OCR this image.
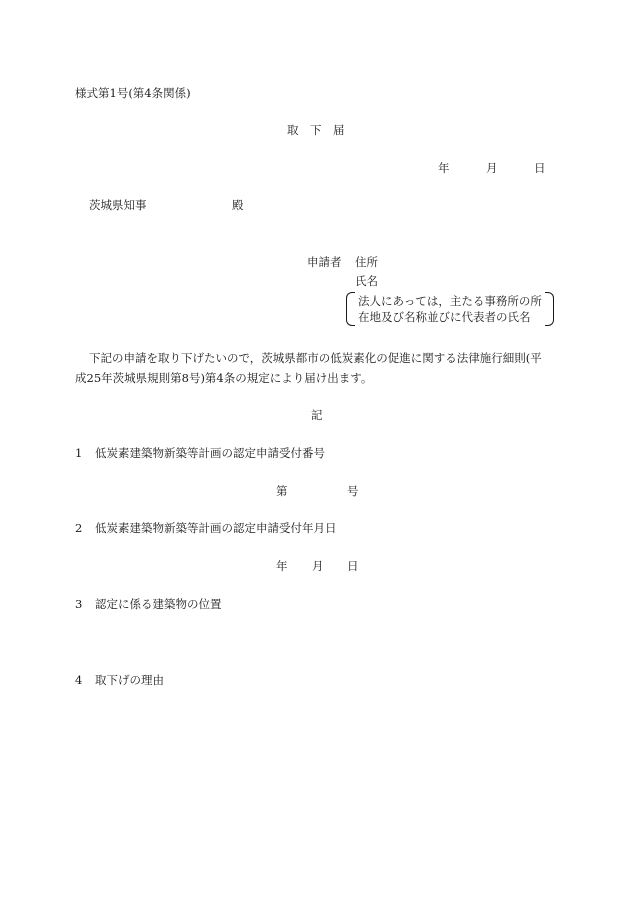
様式第1号(第4条関係)
取　下　届
年	月	日
茨城県知事	殿
申請者 住所
氏名
法人にあっては，主たる事務所の所
在地及び名称並びに代表者の氏名
下記の申請を取り下げたいので，茨城県都市の低炭素化の促進に関する法律施行細則(平
成25年茨城県規則第8号)第4条の規定により届け出ます。
記
1 低炭素建築物新築等計画の認定申請受付番号
第	号
2 低炭素建築物新築等計画の認定申請受付年月日
年 月 日
3 認定に係る建築物の位置
4 取下げの理由
